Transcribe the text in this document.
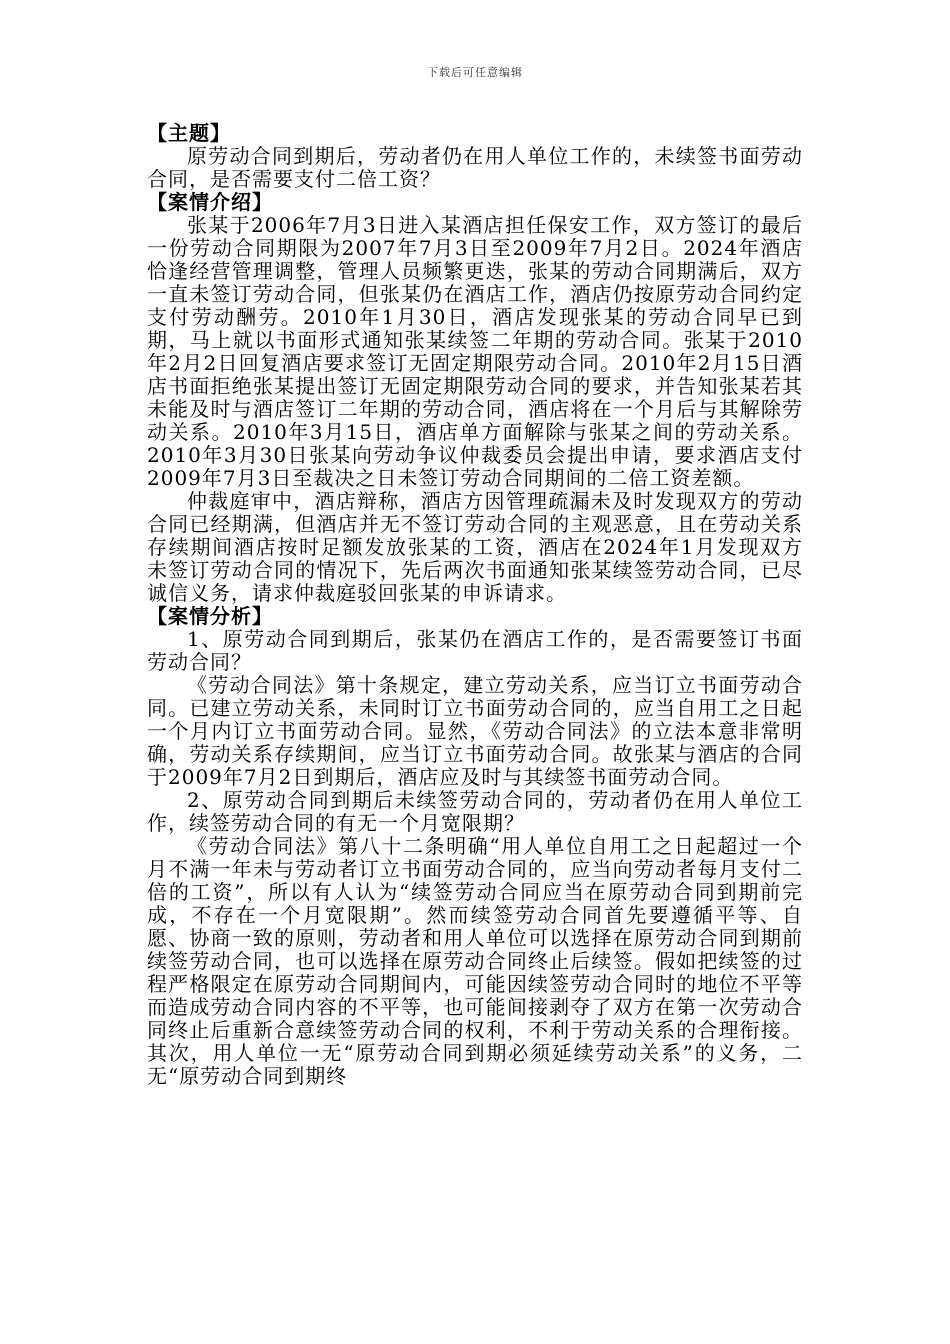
下载后可任意编辑
【主题】

原劳动合同到期后，劳动者仍在用人单位工作的，未续签书面劳动合同，是否需要支付二倍工资？

【案情介绍】

张某于2006年7月3日进入某酒店担任保安工作，双方签订的最后一份劳动合同期限为2007年7月3日至2009年7月2日。2024年酒店恰逢经营管理调整，管理人员频繁更迭，张某的劳动合同期满后，双方一直未签订劳动合同，但张某仍在酒店工作，酒店仍按原劳动合同约定支付劳动酬劳。2010年1月30日，酒店发现张某的劳动合同早已到期，马上就以书面形式通知张某续签二年期的劳动合同。张某于2010年2月2日回复酒店要求签订无固定期限劳动合同。2010年2月15日酒店书面拒绝张某提出签订无固定期限劳动合同的要求，并告知张某若其未能及时与酒店签订二年期的劳动合同，酒店将在一个月后与其解除劳动关系。2010年3月15日，酒店单方面解除与张某之间的劳动关系。2010年3月30日张某向劳动争议仲裁委员会提出申请，要求酒店支付2009年7月3日至裁决之日未签订劳动合同期间的二倍工资差额。

仲裁庭审中，酒店辩称，酒店方因管理疏漏未及时发现双方的劳动合同已经期满，但酒店并无不签订劳动合同的主观恶意，且在劳动关系存续期间酒店按时足额发放张某的工资，酒店在2024年1月发现双方未签订劳动合同的情况下，先后两次书面通知张某续签劳动合同，已尽诚信义务，请求仲裁庭驳回张某的申诉请求。

【案情分析】

1、原劳动合同到期后，张某仍在酒店工作的，是否需要签订书面劳动合同？

《劳动合同法》第十条规定，建立劳动关系，应当订立书面劳动合同。已建立劳动关系，未同时订立书面劳动合同的，应当自用工之日起一个月内订立书面劳动合同。显然，《劳动合同法》的立法本意非常明确，劳动关系存续期间，应当订立书面劳动合同。故张某与酒店的合同于2009年7月2日到期后，酒店应及时与其续签书面劳动合同。

2、原劳动合同到期后未续签劳动合同的，劳动者仍在用人单位工作，续签劳动合同的有无一个月宽限期？

《劳动合同法》第八十二条明确“用人单位自用工之日起超过一个月不满一年未与劳动者订立书面劳动合同的，应当向劳动者每月支付二倍的工资”，所以有人认为“续签劳动合同应当在原劳动合同到期前完成，不存在一个月宽限期”。然而续签劳动合同首先要遵循平等、自愿、协商一致的原则，劳动者和用人单位可以选择在原劳动合同到期前续签劳动合同，也可以选择在原劳动合同终止后续签。假如把续签的过程严格限定在原劳动合同期间内，可能因续签劳动合同时的地位不平等而造成劳动合同内容的不平等，也可能间接剥夺了双方在第一次劳动合同终止后重新合意续签劳动合同的权利，不利于劳动关系的合理衔接。其次，用人单位一无“原劳动合同到期必须延续劳动关系”的义务，二无“原劳动合同到期终
